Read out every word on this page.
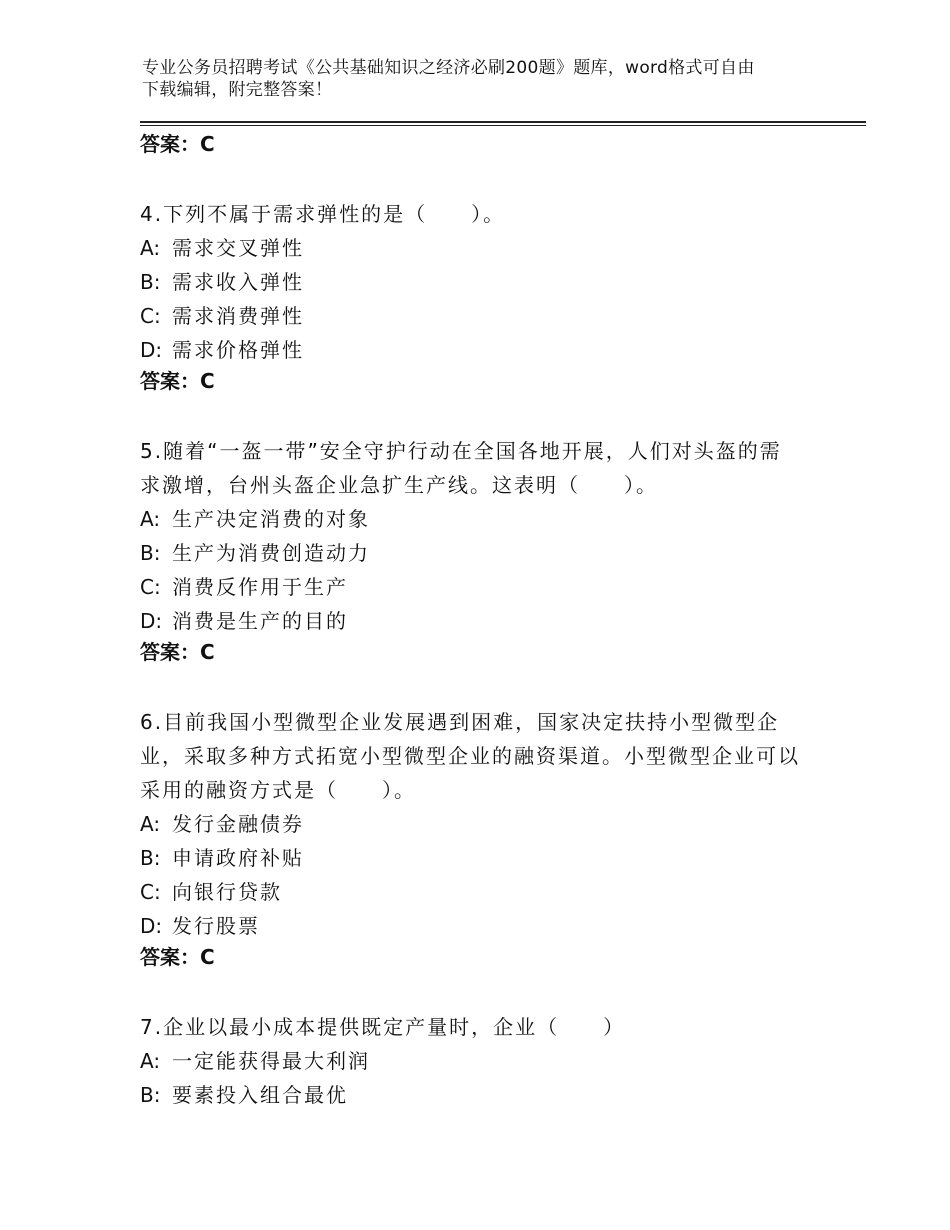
专业公务员招聘考试《公共基础知识之经济必刷200题》题库，word格式可自由
下载编辑，附完整答案！

答案：C

4.下列不属于需求弹性的是（　　）。

A: 需求交叉弹性

B: 需求收入弹性

C: 需求消费弹性

D: 需求价格弹性

答案：C

5.随着“一盔一带”安全守护行动在全国各地开展，人们对头盔的需

求激增，台州头盔企业急扩生产线。这表明（　　）。

A: 生产决定消费的对象

B: 生产为消费创造动力

C: 消费反作用于生产

D: 消费是生产的目的

答案：C

6.目前我国小型微型企业发展遇到困难，国家决定扶持小型微型企

业，采取多种方式拓宽小型微型企业的融资渠道。小型微型企业可以

采用的融资方式是（　　）。

A: 发行金融债券

B: 申请政府补贴

C: 向银行贷款

D: 发行股票

答案：C

7.企业以最小成本提供既定产量时，企业（　　）

A: 一定能获得最大利润

B: 要素投入组合最优
